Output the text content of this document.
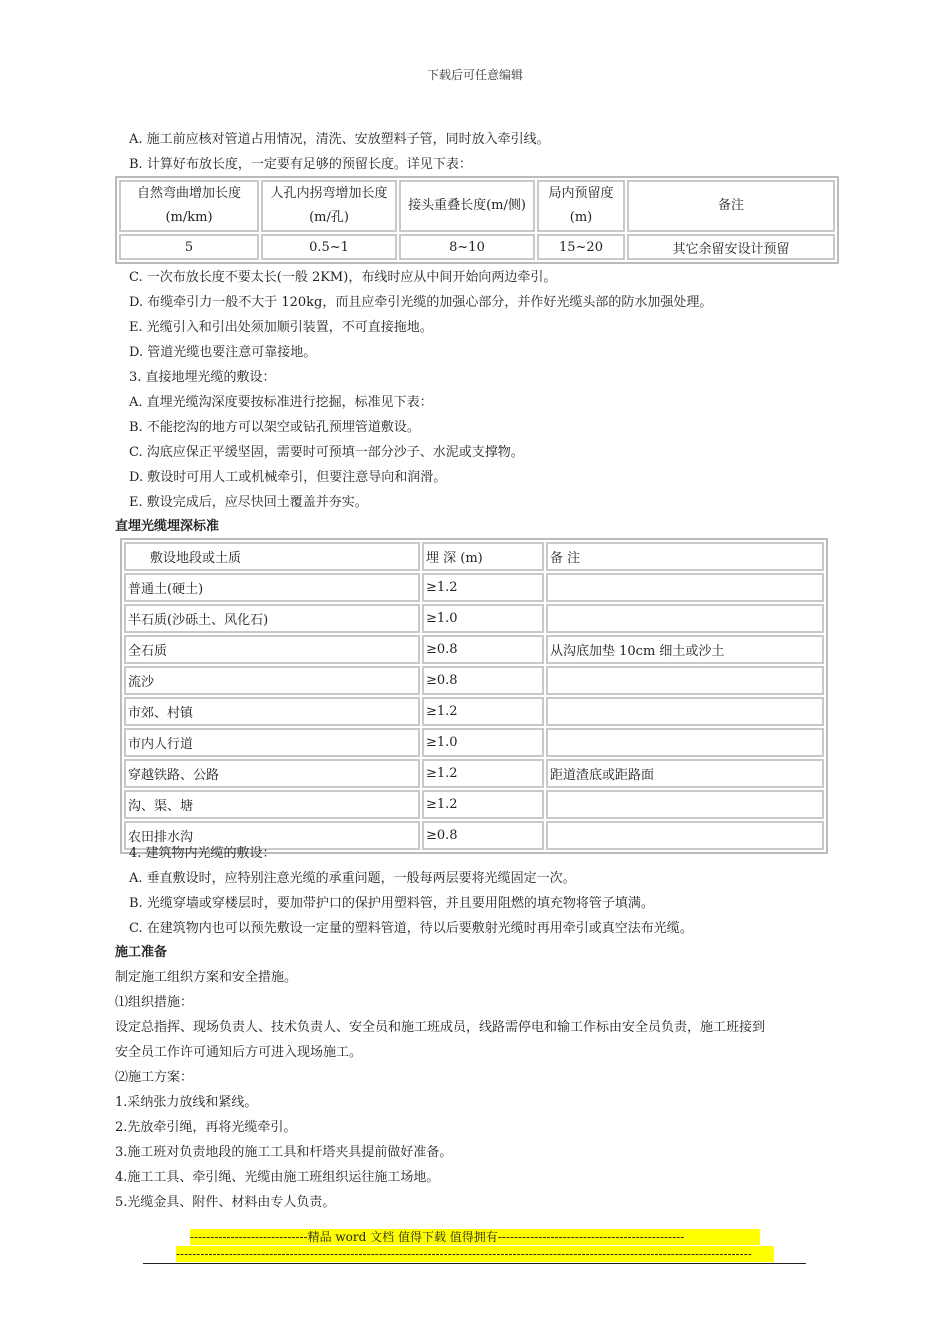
下载后可任意编辑
A. 施工前应核对管道占用情况，清洗、安放塑料子管，同时放入牵引线。
B. 计算好布放长度，一定要有足够的预留长度。详见下表：
自然弯曲增加长度(m/km)	人孔内拐弯增加长度(m/孔)	接头重叠长度(m/侧)	局内预留度(m)	备注
5	0.5~1	8~10	15~20	其它余留安设计预留
C. 一次布放长度不要太长(一般 2KM)，布线时应从中间开始向两边牵引。
D. 布缆牵引力一般不大于 120kg，而且应牵引光缆的加强心部分，并作好光缆头部的防水加强处理。
E. 光缆引入和引出处须加顺引装置，不可直接拖地。
D. 管道光缆也要注意可靠接地。
3. 直接地埋光缆的敷设：
A. 直埋光缆沟深度要按标准进行挖掘，标准见下表：
B. 不能挖沟的地方可以架空或钻孔预埋管道敷设。
C. 沟底应保正平缓坚固，需要时可预填一部分沙子、水泥或支撑物。
D. 敷设时可用人工或机械牵引，但要注意导向和润滑。
E. 敷设完成后，应尽快回土覆盖并夯实。
直埋光缆埋深标准
敷设地段或土质	埋 深 (m)	备 注
普通土(硬土)	≥1.2	
半石质(沙砾土、风化石)	≥1.0	
全石质	≥0.8	从沟底加垫 10cm 细土或沙土
流沙	≥0.8	
市郊、村镇	≥1.2	
市内人行道	≥1.0	
穿越铁路、公路	≥1.2	距道渣底或距路面
沟、渠、塘	≥1.2	
农田排水沟	≥0.8	
4. 建筑物内光缆的敷设：
A. 垂直敷设时，应特别注意光缆的承重问题，一般每两层要将光缆固定一次。
B. 光缆穿墙或穿楼层时，要加带护口的保护用塑料管，并且要用阻燃的填充物将管子填满。
C. 在建筑物内也可以预先敷设一定量的塑料管道，待以后要敷射光缆时再用牵引或真空法布光缆。
施工准备
制定施工组织方案和安全措施。
⑴组织措施：
设定总指挥、现场负责人、技术负责人、安全员和施工班成员，线路需停电和输工作标由安全员负责，施工班接到
安全员工作许可通知后方可进入现场施工。
⑵施工方案：
1.采纳张力放线和紧线。
2.先放牵引绳，再将光缆牵引。
3.施工班对负责地段的施工工具和杆塔夹具提前做好准备。
4.施工工具、牵引绳、光缆由施工班组织运往施工场地。
5.光缆金具、附件、材料由专人负责。
-----------------------------精品 word 文档 值得下载 值得拥有----------------------------------------------
----------------------------------------------------------------------------------------------------------------------------------------------
